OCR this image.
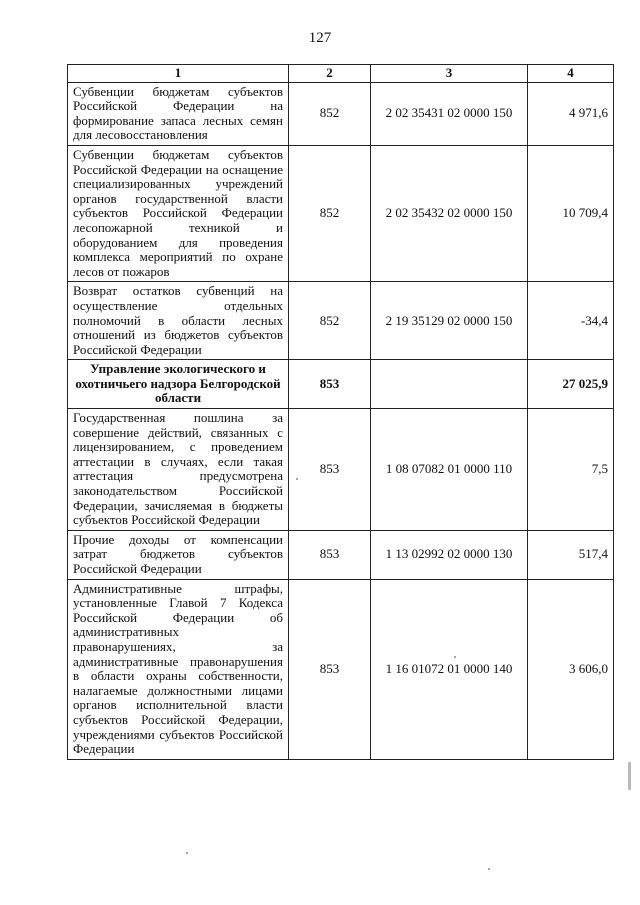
127
1	2	3	4
Субвенции бюджетам субъектов Российской Федерации на формирование запаса лесных семян для лесовосстановления	852	2 02 35431 02 0000 150	4 971,6
Субвенции бюджетам субъектов Российской Федерации на оснащение специализированных учреждений органов государственной власти субъектов Российской Федерации лесопожарной техникой и оборудованием для проведения комплекса мероприятий по охране лесов от пожаров	852	2 02 35432 02 0000 150	10 709,4
Возврат остатков субвенций на осуществление отдельных полномочий в области лесных отношений из бюджетов субъектов Российской Федерации	852	2 19 35129 02 0000 150	-34,4
Управление экологического и охотничьего надзора Белгородской области	853		27 025,9
Государственная пошлина за совершение действий, связанных с лицензированием, с проведением аттестации в случаях, если такая аттестация предусмотрена законодательством Российской Федерации, зачисляемая в бюджеты субъектов Российской Федерации	853	1 08 07082 01 0000 110	7,5
Прочие доходы от компенсации затрат бюджетов субъектов Российской Федерации	853	1 13 02992 02 0000 130	517,4
Административные штрафы, установленные Главой 7 Кодекса Российской Федерации об административных правонарушениях, за административные правонарушения в области охраны собственности, налагаемые должностными лицами органов исполнительной власти субъектов Российской Федерации, учреждениями субъектов Российской Федерации	853	1 16 01072 01 0000 140	3 606,0
